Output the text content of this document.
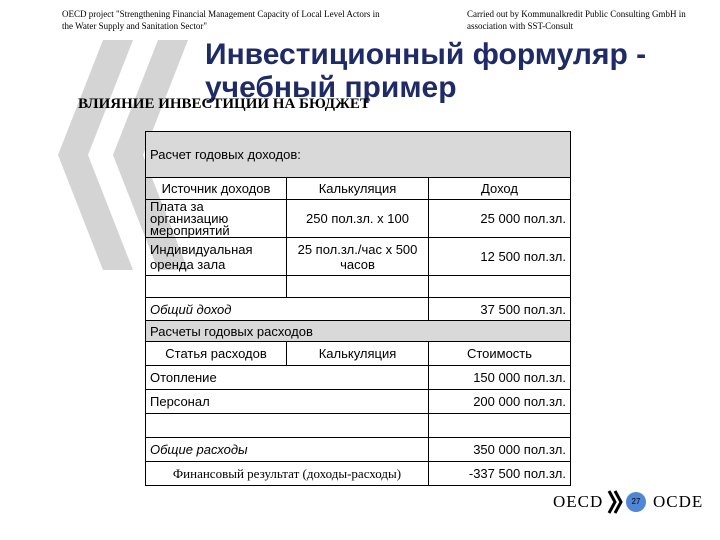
OECD project "Strengthening Financial Management Capacity of Local Level Actors in the Water Supply and Sanitation Sector"
Carried out by Kommunalkredit Public Consulting GmbH in association with SST-Consult
Инвестиционный формуляр - учебный пример
ВЛИЯНИЕ ИНВЕСТИЦИИ НА БЮДЖЕТ
Расчет годовых доходов:		
Источник доходов	Калькуляция	Доход
Плата за организацию мероприятий	250 пол.зл. x 100	25 000 пол.зл.
Индивидуальная оренда зала	25 пол.зл./час x 500 часов	12 500 пол.зл.

Общий доход		37 500 пол.зл.
Расчеты годовых расходов		
Статья расходов	Калькуляция	Стоимость
Отопление		150 000 пол.зл.
Персонал		200 000 пол.зл.

Общие расходы		350 000 пол.зл.
Финансовый результат (доходы-расходы)		-337 500 пол.зл.
OECD	27 OCDE
